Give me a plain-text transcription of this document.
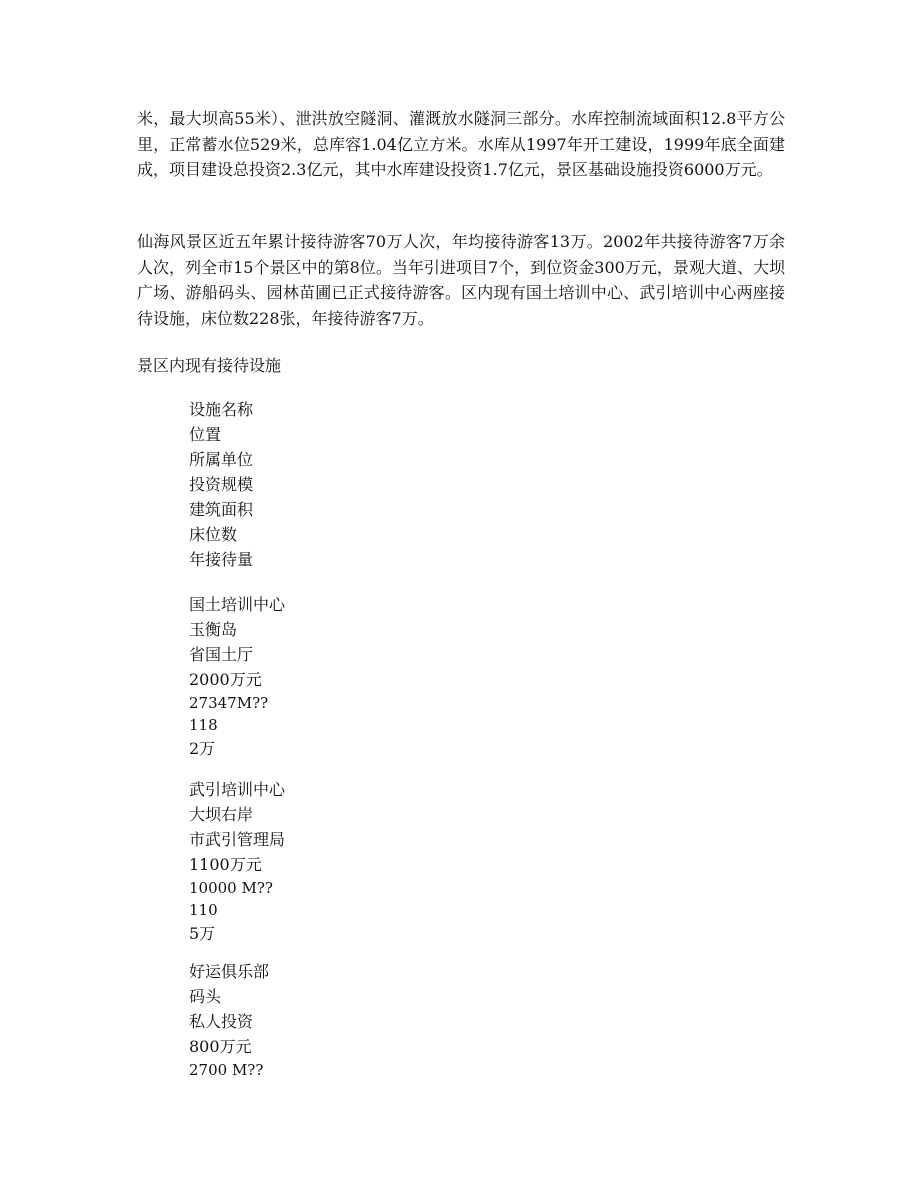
米，最大坝高55米）、泄洪放空隧洞、灌溉放水隧洞三部分。水库控制流域面积12.8平方公里，正常蓄水位529米，总库容1.04亿立方米。水库从1997年开工建设，1999年底全面建成，项目建设总投资2.3亿元，其中水库建设投资1.7亿元，景区基础设施投资6000万元。

仙海风景区近五年累计接待游客70万人次，年均接待游客13万。2002年共接待游客7万余人次，列全市15个景区中的第8位。当年引进项目7个，到位资金300万元，景观大道、大坝广场、游船码头、园林苗圃已正式接待游客。区内现有国土培训中心、武引培训中心两座接待设施，床位数228张，年接待游客7万。

景区内现有接待设施

设施名称
位置
所属单位
投资规模
建筑面积
床位数
年接待量
国土培训中心
玉衡岛
省国土厅
2000万元
27347M??
118
2万
武引培训中心
大坝右岸
市武引管理局
1100万元
10000 M??
110
5万
好运俱乐部
码头
私人投资
800万元
2700 M??
